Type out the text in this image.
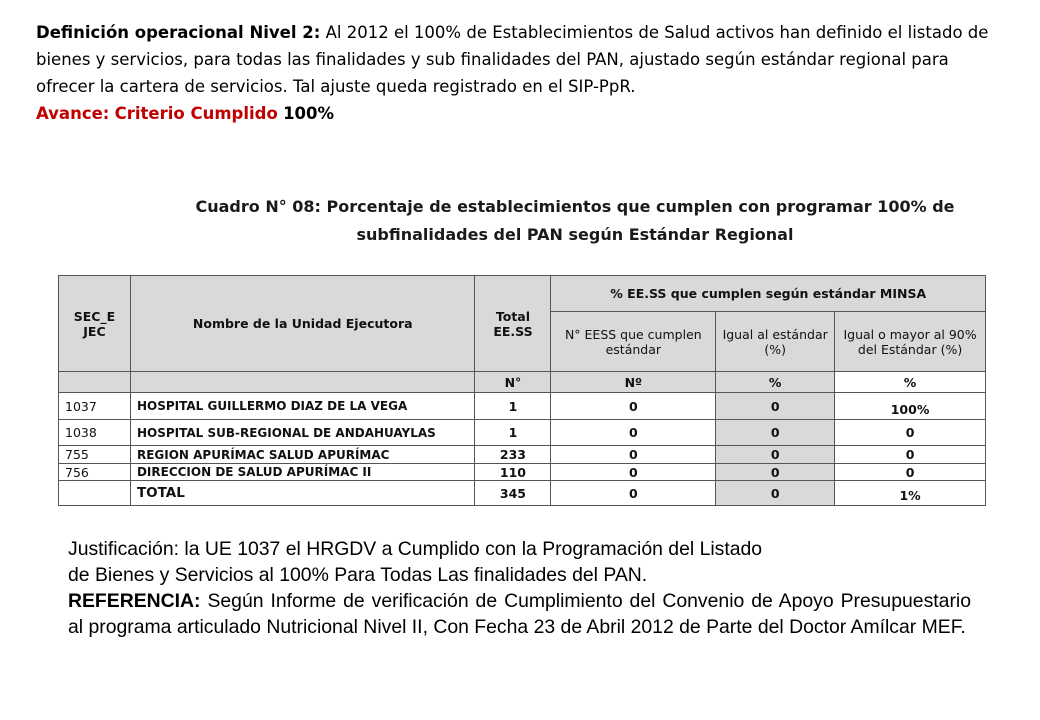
Definición operacional Nivel 2: Al 2012 el 100% de Establecimientos de Salud activos han definido el listado de bienes y servicios, para todas las finalidades y sub finalidades del PAN, ajustado según estándar regional para ofrecer la cartera de servicios. Tal ajuste queda registrado en el SIP-PpR.
Avance: Criterio Cumplido 100%
Cuadro N° 08: Porcentaje de establecimientos que cumplen con programar 100% de
subfinalidades del PAN según Estándar Regional
SEC_E JEC	Nombre de la Unidad Ejecutora	Total EE.SS	% EE.SS que cumplen según estándar MINSA		
			N° EESS que cumplen estándar	Igual al estándar (%)	Igual o mayor al 90% del Estándar (%)
		N°	Nº	%	%
1037	HOSPITAL GUILLERMO DIAZ DE LA VEGA	1	0	0	100%
1038	HOSPITAL SUB-REGIONAL DE ANDAHUAYLAS	1	0	0	0
755	REGION APURÍMAC SALUD APURÍMAC	233	0	0	0
756	DIRECCION DE SALUD APURÍMAC II	110	0	0	0
	TOTAL	345	0	0	1%

Justificación: la UE 1037 el HRGDV a Cumplido con la Programación del Listado

de Bienes y Servicios al 100% Para Todas Las finalidades del PAN.

REFERENCIA: Según Informe de verificación de Cumplimiento del Convenio de Apoyo Presupuestario al programa articulado Nutricional Nivel II, Con Fecha 23 de Abril 2012 de Parte del Doctor Amílcar MEF.
